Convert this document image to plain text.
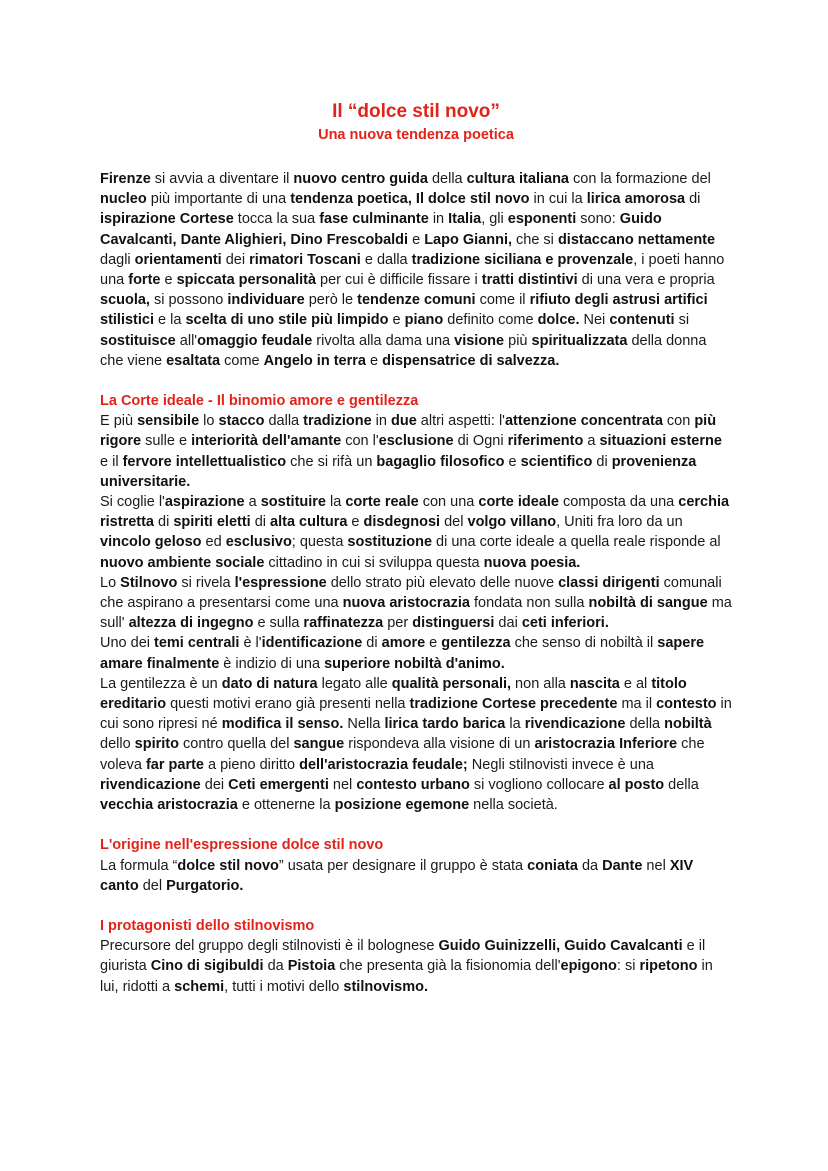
Il “dolce stil novo”
Una nuova tendenza poetica

Firenze si avvia a diventare il nuovo centro guida della cultura italiana con la formazione del nucleo più importante di una tendenza poetica, Il dolce stil novo in cui la lirica amorosa di ispirazione Cortese tocca la sua fase culminante in Italia, gli esponenti sono: Guido Cavalcanti, Dante Alighieri, Dino Frescobaldi e Lapo Gianni, che si distaccano nettamente dagli orientamenti dei rimatori Toscani e dalla tradizione siciliana e provenzale, i poeti hanno una forte e spiccata personalità per cui è difficile fissare i tratti distintivi di una vera e propria scuola, si possono individuare però le tendenze comuni come il rifiuto degli astrusi artifici stilistici e la scelta di uno stile più limpido e piano definito come dolce. Nei contenuti si sostituisce all'omaggio feudale rivolta alla dama una visione più spiritualizzata della donna che viene esaltata come Angelo in terra e dispensatrice di salvezza.

La Corte ideale - Il binomio amore e gentilezza

E più sensibile lo stacco dalla tradizione in due altri aspetti: l'attenzione concentrata con più rigore sulle e interiorità dell'amante con l'esclusione di Ogni riferimento a situazioni esterne e il fervore intellettualistico che si rifà un bagaglio filosofico e scientifico di provenienza universitarie.

Si coglie l'aspirazione a sostituire la corte reale con una corte ideale composta da una cerchia ristretta di spiriti eletti di alta cultura e disdegnosi del volgo villano, Uniti fra loro da un vincolo geloso ed esclusivo; questa sostituzione di una corte ideale a quella reale risponde al nuovo ambiente sociale cittadino in cui si sviluppa questa nuova poesia.

Lo Stilnovo si rivela l'espressione dello strato più elevato delle nuove classi dirigenti comunali che aspirano a presentarsi come una nuova aristocrazia fondata non sulla nobiltà di sangue ma sull' altezza di ingegno e sulla raffinatezza per distinguersi dai ceti inferiori.

Uno dei temi centrali è l'identificazione di amore e gentilezza che senso di nobiltà il sapere amare finalmente è indizio di una superiore nobiltà d'animo.

La gentilezza è un dato di natura legato alle qualità personali, non alla nascita e al titolo ereditario questi motivi erano già presenti nella tradizione Cortese precedente ma il contesto in cui sono ripresi né modifica il senso. Nella lirica tardo barica la rivendicazione della nobiltà dello spirito contro quella del sangue rispondeva alla visione di un aristocrazia Inferiore che voleva far parte a pieno diritto dell'aristocrazia feudale; Negli stilnovisti invece è una rivendicazione dei Ceti emergenti nel contesto urbano si vogliono collocare al posto della vecchia aristocrazia e ottenerne la posizione egemone nella società.

L'origine nell'espressione dolce stil novo

La formula “dolce stil novo” usata per designare il gruppo è stata coniata da Dante nel XIV canto del Purgatorio.

I protagonisti dello stilnovismo

Precursore del gruppo degli stilnovisti è il bolognese Guido Guinizzelli, Guido Cavalcanti e il giurista Cino di sigibuldi da Pistoia che presenta già la fisionomia dell'epigono: si ripetono in lui, ridotti a schemi, tutti i motivi dello stilnovismo.
